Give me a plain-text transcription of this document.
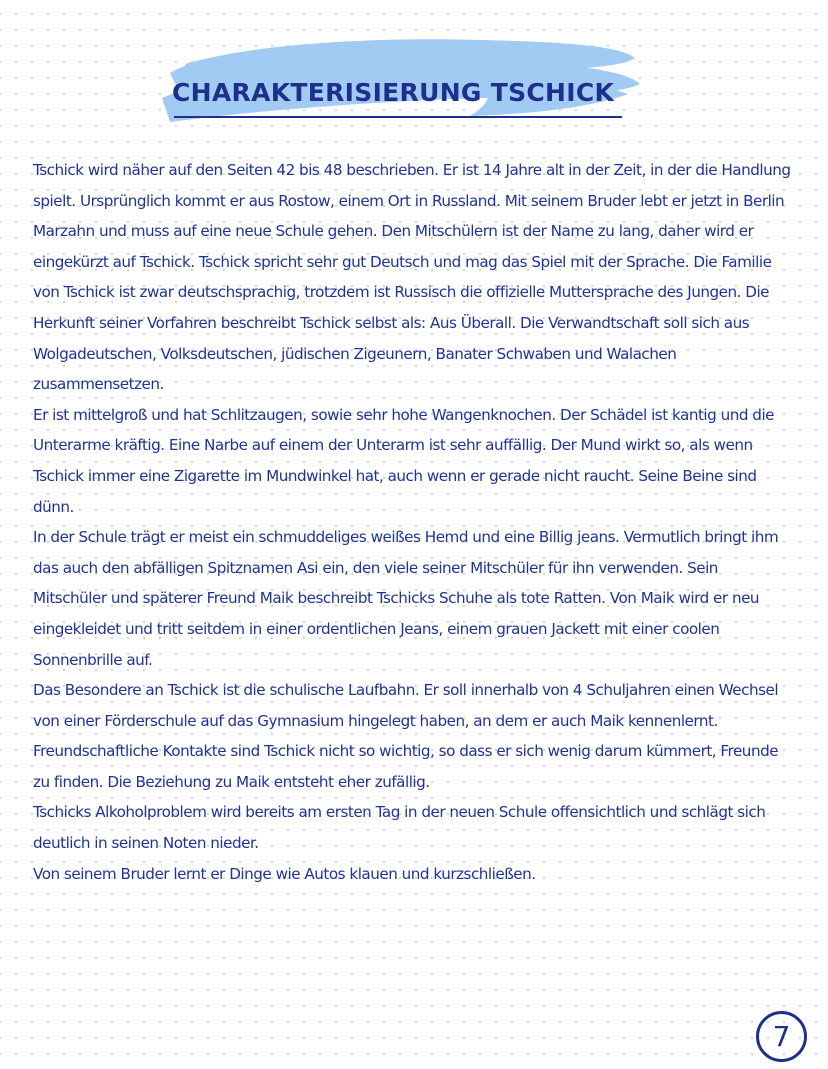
CHARAKTERISIERUNG TSCHICK

Tschick wird näher auf den Seiten 42 bis 48 beschrieben. Er ist 14 Jahre alt in der Zeit, in der die Handlung spielt. Ursprünglich kommt er aus Rostow, einem Ort in Russland. Mit seinem Bruder lebt er jetzt in Berlin Marzahn und muss auf eine neue Schule gehen. Den Mitschülern ist der Name zu lang, daher wird er eingekürzt auf Tschick. Tschick spricht sehr gut Deutsch und mag das Spiel mit der Sprache. Die Familie von Tschick ist zwar deutschsprachig, trotzdem ist Russisch die offizielle Muttersprache des Jungen. Die Herkunft seiner Vorfahren beschreibt Tschick selbst als: Aus Überall. Die Verwandtschaft soll sich aus Wolgadeutschen, Volksdeutschen, jüdischen Zigeunern, Banater Schwaben und Walachen zusammensetzen.

Er ist mittelgroß und hat Schlitzaugen, sowie sehr hohe Wangenknochen. Der Schädel ist kantig und die Unterarme kräftig. Eine Narbe auf einem der Unterarm ist sehr auffällig. Der Mund wirkt so, als wenn Tschick immer eine Zigarette im Mundwinkel hat, auch wenn er gerade nicht raucht. Seine Beine sind dünn.

In der Schule trägt er meist ein schmuddeliges weißes Hemd und eine Billig jeans. Vermutlich bringt ihm das auch den abfälligen Spitznamen Asi ein, den viele seiner Mitschüler für ihn verwenden. Sein Mitschüler und späterer Freund Maik beschreibt Tschicks Schuhe als tote Ratten. Von Maik wird er neu eingekleidet und tritt seitdem in einer ordentlichen Jeans, einem grauen Jackett mit einer coolen Sonnenbrille auf.

Das Besondere an Tschick ist die schulische Laufbahn. Er soll innerhalb von 4 Schuljahren einen Wechsel von einer Förderschule auf das Gymnasium hingelegt haben, an dem er auch Maik kennenlernt.

Freundschaftliche Kontakte sind Tschick nicht so wichtig, so dass er sich wenig darum kümmert, Freunde zu finden. Die Beziehung zu Maik entsteht eher zufällig.

Tschicks Alkoholproblem wird bereits am ersten Tag in der neuen Schule offensichtlich und schlägt sich deutlich in seinen Noten nieder.

Von seinem Bruder lernt er Dinge wie Autos klauen und kurzschließen.

7
